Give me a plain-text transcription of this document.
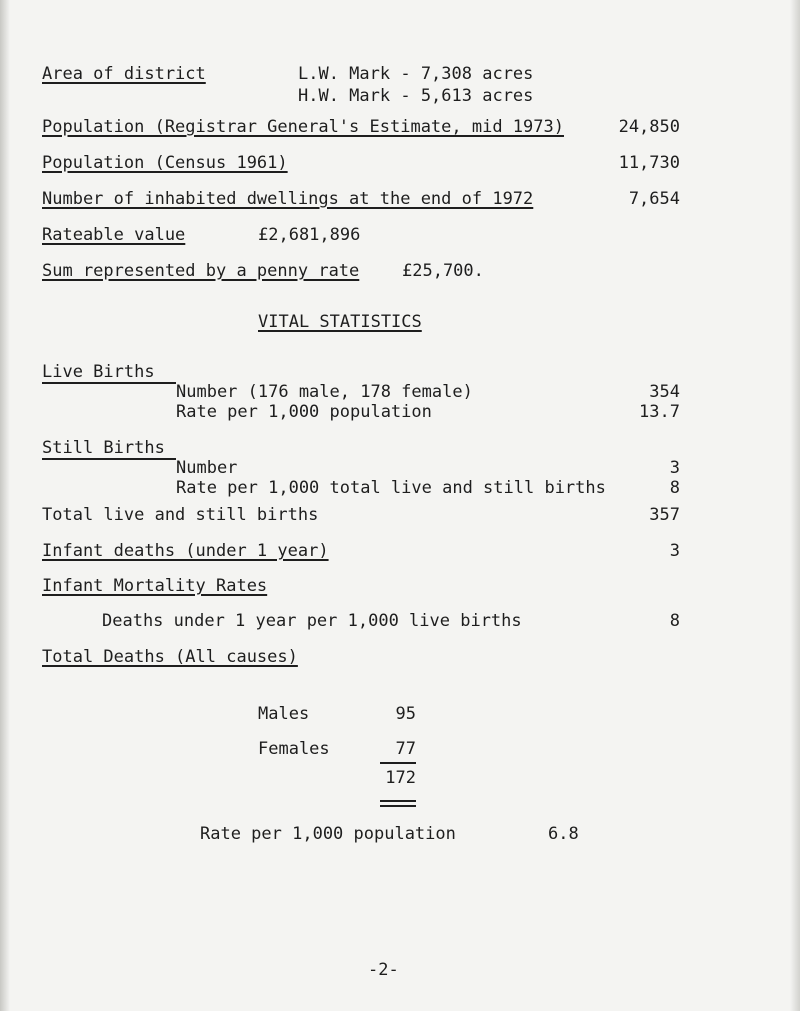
Area of district	L.W. Mark - 7,308 acres
H.W. Mark - 5,613 acres
Population (Registrar General's Estimate, mid 1973)	24,850
Population (Census 1961)	11,730
Number of inhabited dwellings at the end of 1972	7,654
Rateable value	£2,681,896
Sum represented by a penny rate	£25,700.
VITAL STATISTICS
Live Births
Number (176 male, 178 female)	354
Rate per 1,000 population	13.7
Still Births
Number	3
Rate per 1,000 total live and still births	8
Total live and still births	357
Infant deaths (under 1 year)	3
Infant Mortality Rates
Deaths under 1 year per 1,000 live births	8
Total Deaths (All causes)
Males	95
Females	77
172
Rate per 1,000 population	6.8
-2-
